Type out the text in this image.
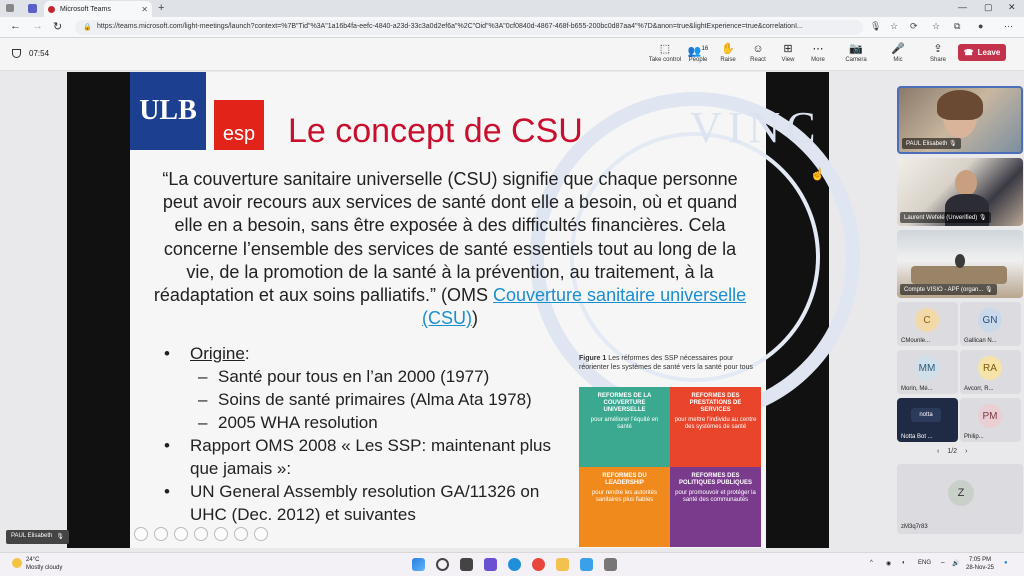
Microsoft Teams	✕ +	— ▢ ✕
← → ↻	🔒 https://teams.microsoft.com/light-meetings/launch?context=%7B"Tid"%3A"1a16b4fa-eefc-4840-a23d-33c3a0d2ef6a"%2C"Oid"%3A"0cf0840d-4867-468f-b655-200bc0d87aa4"%7D&anon=true&lightExperience=true&correlationI...	🎙 ☆ ⟳ ☆ ⧉ ● ⋯
07:54	⬚
Take control
👥$^{16}$
People
✋
Raise
☺
React
⊞
View
⋯
More
📷
Camera
🎤
Mic
⇪
Share
☎ Leave
VINC
ULB
esp Le concept de CSU
“La couverture sanitaire universelle (CSU) signifie que chaque personne peut avoir recours aux services de santé dont elle a besoin, où et quand elle en a besoin, sans être exposée à des difficultés financières. Cela concerne l’ensemble des services de santé essentiels tout au long de la vie, de la promotion de la santé à la prévention, au traitement, à la réadaptation et aux soins palliatifs.” (OMS Couverture sanitaire universelle (CSU))
• Origine:
– Santé pour tous en l’an 2000 (1977)
– Soins de santé primaires (Alma Ata 1978)
– 2005 WHA resolution
• Rapport OMS 2008 « Les SSP: maintenant plus que jamais »:
• UN General Assembly resolution GA/11326 on UHC (Dec. 2012) et suivantes
Figure 1 Les réformes des SSP nécessaires pour réorienter les systèmes de santé vers la santé pour tous
REFORMES DE LA COUVERTURE UNIVERSELLE
pour améliorer l'équité en santé
REFORMES DES PRESTATIONS DE SERVICES
pour mettre l'individu au centre des systèmes de santé
REFORMES DU LEADERSHIP
pour rendre les autorités sanitaires plus fiables
REFORMES DES POLITIQUES PUBLIQUES
pour promouvoir et protéger la santé des communautés
☝
PAUL Elisabeth 🎙
PAUL Elisabeth 🎙
Laurent Wefelé (Unverified) 🎙
Compte VISIO - APF (organ... 🎙
C
CMounle...
GN
Gallican N...
MM
Morin, Mé...
RA
Avcorr, R...
notta
Notta Bot ...
PM
Philip...
‹ 1/2 ›
Z
zM3q7r83
24°C
Mostly cloudy
^ ◉ ◐ ENG ⌔ 🔊
7:05 PM
28-Nov-25
●
